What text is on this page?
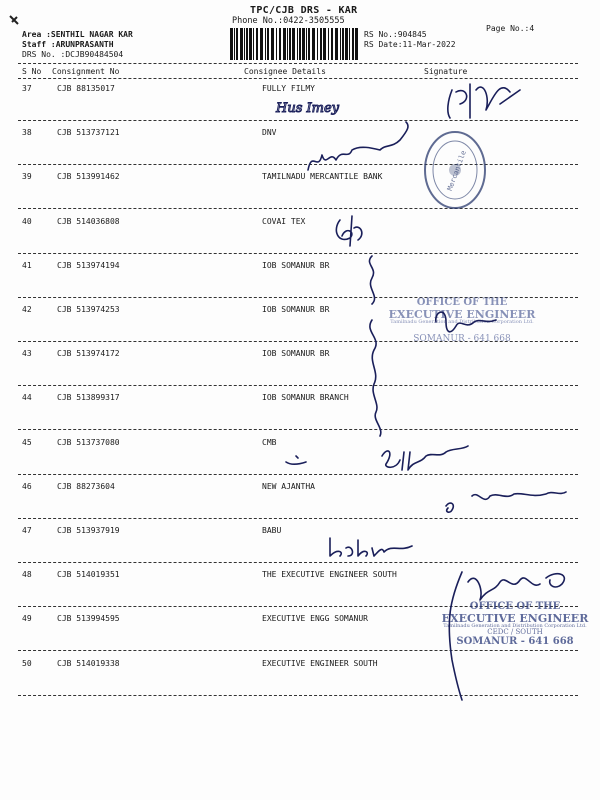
TPC/CJB DRS - KAR
Phone No.:0422-3505555
Area :SENTHIL NAGAR KAR
Staff :ARUNPRASANTH
DRS No. :DCJB90484504
RS No.:904845
RS Date:11-Mar-2022
Page No.:4
S No Consignment No	Consignee Details	Signature
37	CJB 88135017	FULLY FILMY
38	CJB 513737121	DNV
39	CJB 513991462	TAMILNADU MERCANTILE BANK
40	CJB 514036808	COVAI TEX
41	CJB 513974194	IOB SOMANUR BR
42	CJB 513974253	IOB SOMANUR BR
43	CJB 513974172	IOB SOMANUR BR
44	CJB 513899317	IOB SOMANUR BRANCH
45	CJB 513737080	CMB
46	CJB 88273604	NEW AJANTHA
47	CJB 513937919	BABU
48	CJB 514019351	THE EXECUTIVE ENGINEER SOUTH
49	CJB 513994595	EXECUTIVE ENGG SOMANUR
50	CJB 514019338	EXECUTIVE ENGINEER SOUTH
Mercantile
OFFICE OF THE
EXECUTIVE ENGINEER
Tamilnadu Generation and Distribution Corporation Ltd.
SOMANUR - 641 668
OFFICE OF THE
EXECUTIVE ENGINEER
Tamilnadu Generation and Distribution Corporation Ltd.
CEDC / SOUTH
SOMANUR - 641 668
Hus Imey
